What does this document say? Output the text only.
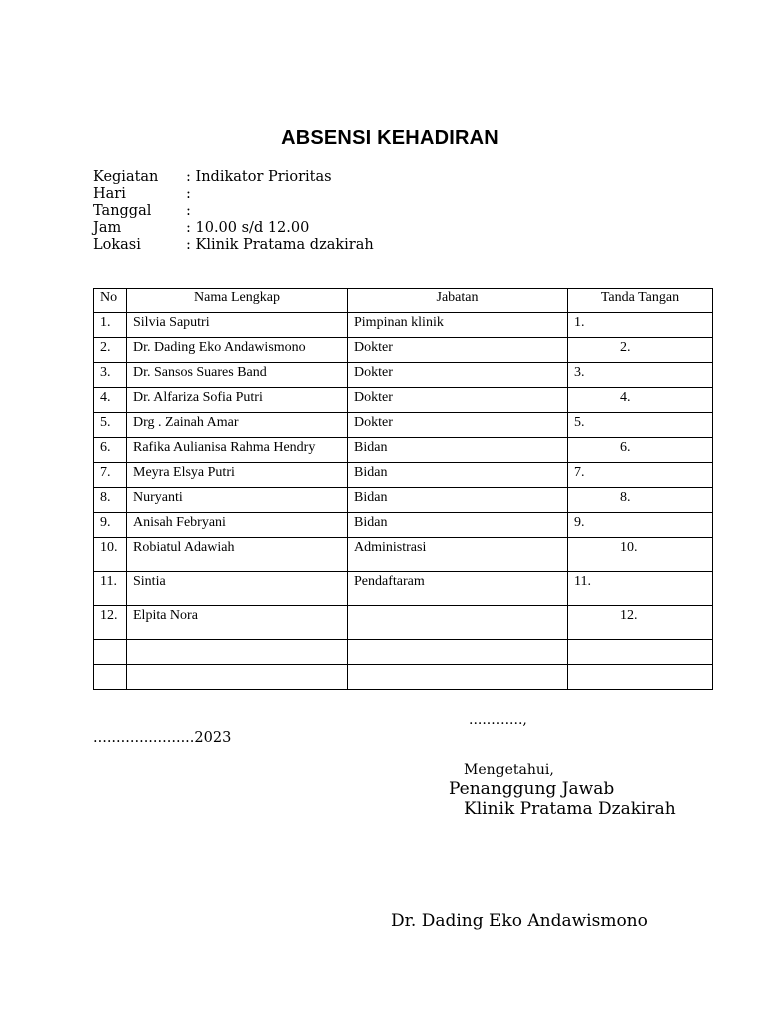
ABSENSI KEHADIRAN
Kegiatan	: Indikator Prioritas
Hari	:
Tanggal	:
Jam	: 10.00 s/d 12.00
Lokasi	: Klinik Pratama dzakirah
No	Nama Lengkap	Jabatan	Tanda Tangan
1.	Silvia Saputri	Pimpinan klinik	1.
2.	Dr. Dading Eko Andawismono	Dokter	2.
3.	Dr. Sansos Suares Band	Dokter	3.
4.	Dr. Alfariza Sofia Putri	Dokter	4.
5.	Drg . Zainah Amar	Dokter	5.
6.	Rafika Aulianisa Rahma Hendry	Bidan	6.
7.	Meyra Elsya Putri	Bidan	7.
8.	Nuryanti	Bidan	8.
9.	Anisah Febryani	Bidan	9.
10.	Robiatul Adawiah	Administrasi	10.
11.	Sintia	Pendaftaram	11.
12.	Elpita Nora		12.

............,
......................2023
Mengetahui,
Penanggung Jawab
Klinik Pratama Dzakirah
Dr. Dading Eko Andawismono
